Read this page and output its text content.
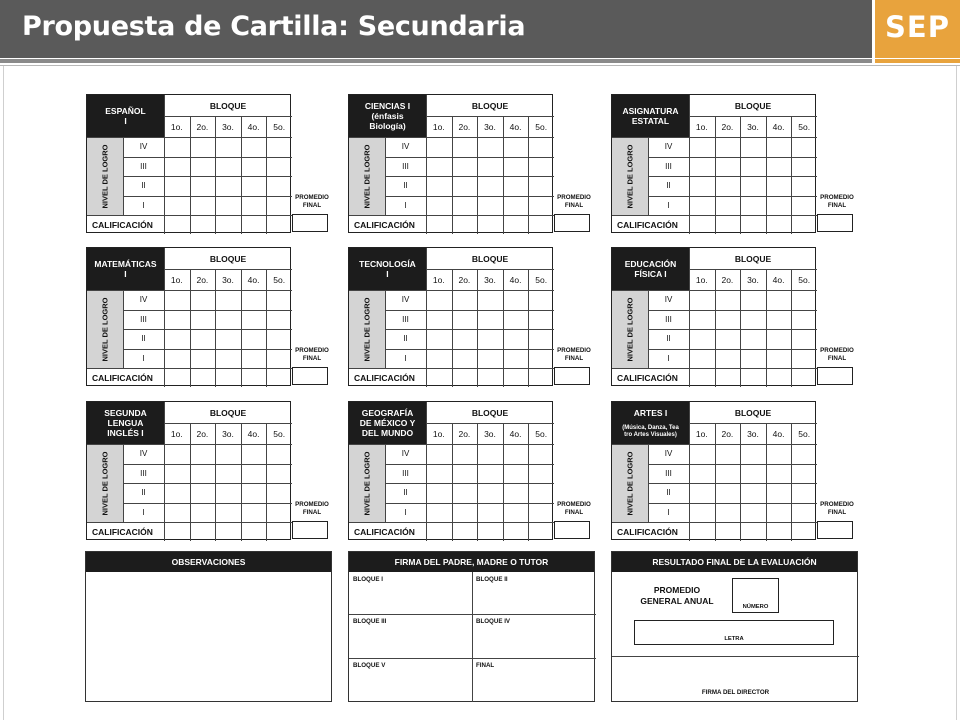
Propuesta de Cartilla: Secundaria	SEP
ESPAÑOL
I
BLOQUE
1o.	2o.	3o.	4o.	5o.
NIVEL DE LOGRO	IV
III
II
I
CALIFICACIÓN
PROMEDIO
FINAL
CIENCIAS I
(énfasis
Biología)
BLOQUE
1o.	2o.	3o.	4o.	5o.
NIVEL DE LOGRO	IV
III
II
I
CALIFICACIÓN
PROMEDIO
FINAL
ASIGNATURA
ESTATAL
BLOQUE
1o.	2o.	3o.	4o.	5o.
NIVEL DE LOGRO	IV
III
II
I
CALIFICACIÓN
PROMEDIO
FINAL
MATEMÁTICAS
I
BLOQUE
1o.	2o.	3o.	4o.	5o.
NIVEL DE LOGRO	IV
III
II
I
CALIFICACIÓN
PROMEDIO
FINAL
TECNOLOGÍA
I
BLOQUE
1o.	2o.	3o.	4o.	5o.
NIVEL DE LOGRO	IV
III
II
I
CALIFICACIÓN
PROMEDIO
FINAL
EDUCACIÓN
FÍSICA I
BLOQUE
1o.	2o.	3o.	4o.	5o.
NIVEL DE LOGRO	IV
III
II
I
CALIFICACIÓN
PROMEDIO
FINAL
SEGUNDA
LENGUA
INGLÉS I
BLOQUE
1o.	2o.	3o.	4o.	5o.
NIVEL DE LOGRO	IV
III
II
I
CALIFICACIÓN
PROMEDIO
FINAL
GEOGRAFÍA
DE MÉXICO Y
DEL MUNDO
BLOQUE
1o.	2o.	3o.	4o.	5o.
NIVEL DE LOGRO	IV
III
II
I
CALIFICACIÓN
PROMEDIO
FINAL
ARTES I

(Música, Danza, Tea
tro Artes Visuales)
BLOQUE
1o.	2o.	3o.	4o.	5o.
NIVEL DE LOGRO	IV
III
II
I
CALIFICACIÓN
PROMEDIO
FINAL
OBSERVACIONES	FIRMA DEL PADRE, MADRE O TUTOR
BLOQUE I	BLOQUE II
BLOQUE III	BLOQUE IV
BLOQUE V	FINAL
RESULTADO FINAL DE LA EVALUACIÓN
PROMEDIO
GENERAL ANUAL
NÚMERO
LETRA
FIRMA DEL DIRECTOR
